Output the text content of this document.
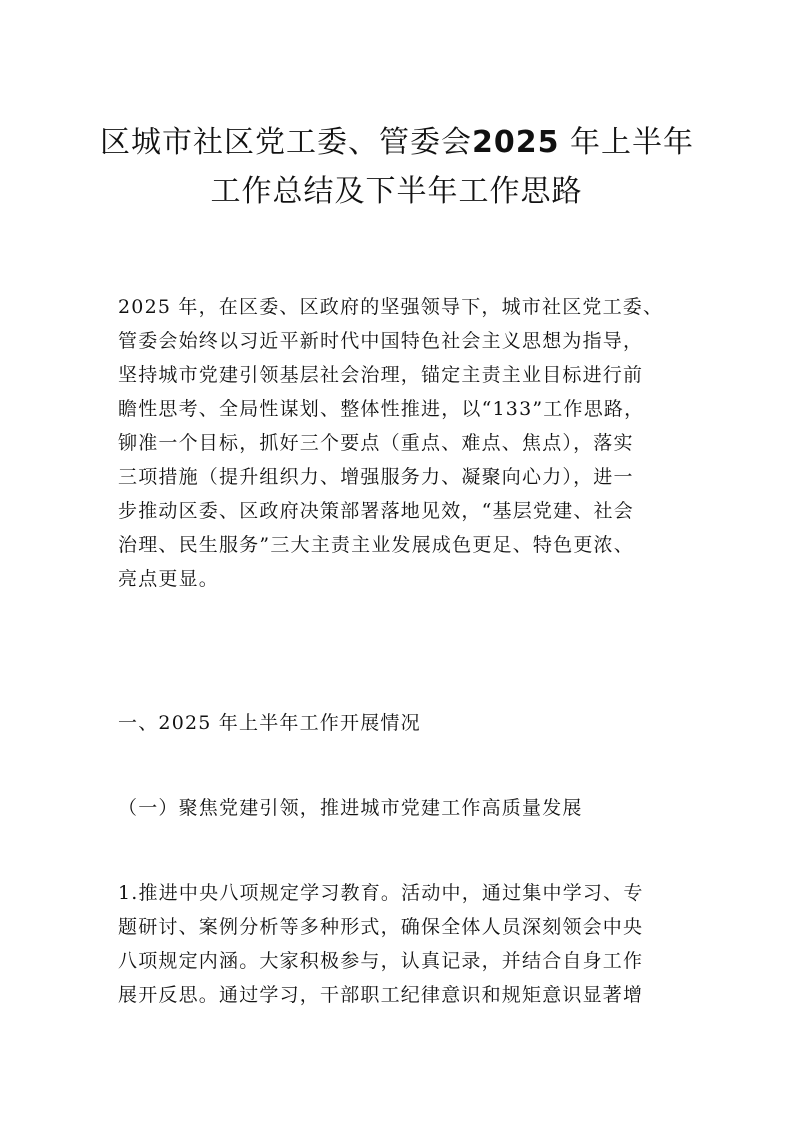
区城市社区党工委、管委会2025 年上半年
工作总结及下半年工作思路
2025 年，在区委、区政府的坚强领导下，城市社区党工委、
管委会始终以习近平新时代中国特色社会主义思想为指导，
坚持城市党建引领基层社会治理，锚定主责主业目标进行前
瞻性思考、全局性谋划、整体性推进，以“133”工作思路，
铆准一个目标，抓好三个要点（重点、难点、焦点），落实
三项措施（提升组织力、增强服务力、凝聚向心力），进一
步推动区委、区政府决策部署落地见效，“基层党建、社会
治理、民生服务”三大主责主业发展成色更足、特色更浓、
亮点更显。
一、2025 年上半年工作开展情况
（一）聚焦党建引领，推进城市党建工作高质量发展
1.推进中央八项规定学习教育。活动中，通过集中学习、专
题研讨、案例分析等多种形式，确保全体人员深刻领会中央
八项规定内涵。大家积极参与，认真记录，并结合自身工作
展开反思。通过学习，干部职工纪律意识和规矩意识显著增
